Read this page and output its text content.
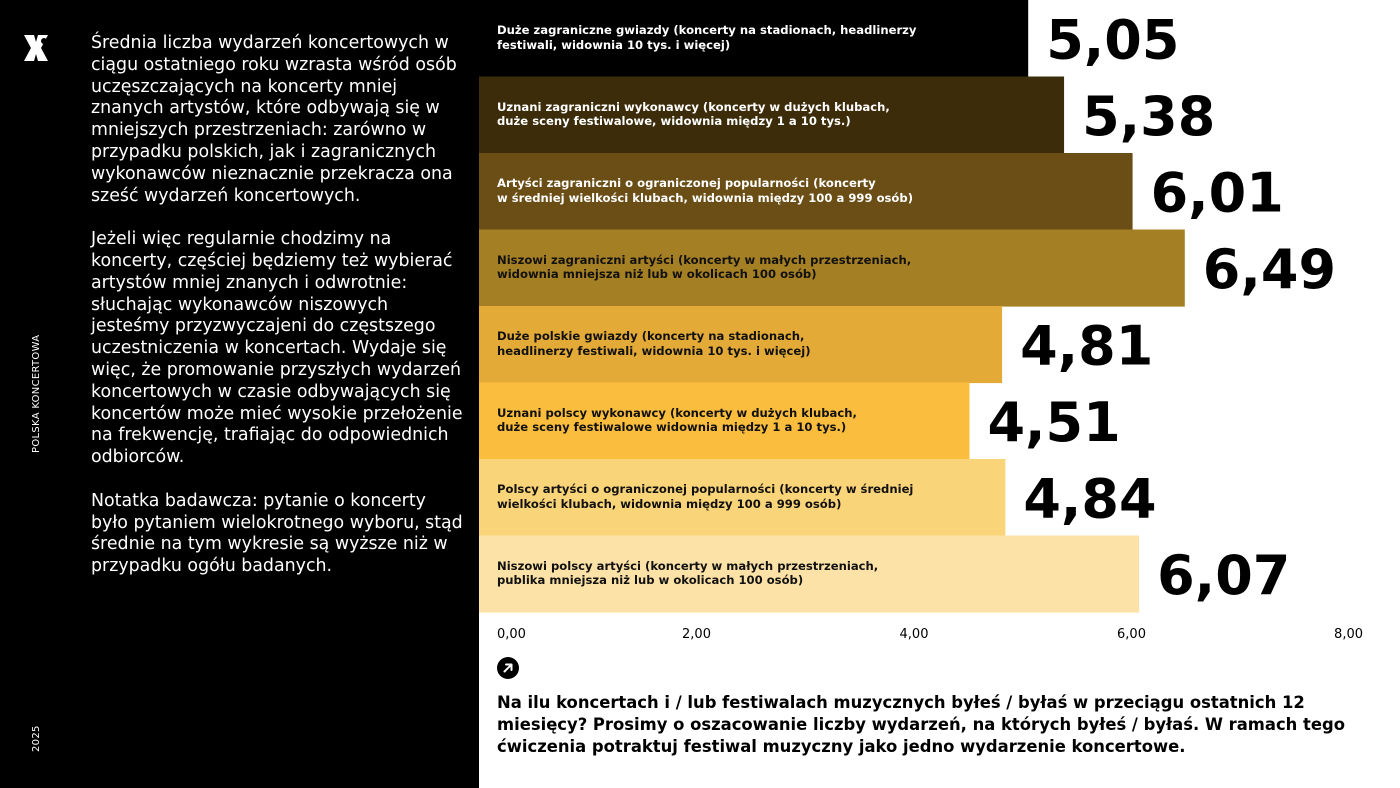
POLSKA KONCERTOWA
2025

Średnia liczba wydarzeń koncertowych w ciągu ostatniego roku wzrasta wśród osób uczęszczających na koncerty mniej znanych artystów, które odbywają się w mniejszych przestrzeniach: zarówno w przypadku polskich, jak i zagranicznych wykonawców nieznacznie przekracza ona sześć wydarzeń koncertowych.

Jeżeli więc regularnie chodzimy na koncerty, częściej będziemy też wybierać artystów mniej znanych i odwrotnie: słuchając wykonawców niszowych jesteśmy przyzwyczajeni do częstszego uczestniczenia w koncertach. Wydaje się więc, że promowanie przyszłych wydarzeń koncertowych w czasie odbywających się koncertów może mieć wysokie przełożenie na frekwencję, trafiając do odpowiednich odbiorców.

Notatka badawcza: pytanie o koncerty było pytaniem wielokrotnego wyboru, stąd średnie na tym wykresie są wyższe niż w przypadku ogółu badanych.

5,05
5,38
6,01
6,49
4,81
4,51
4,84
6,07
0,00	2,00	4,00	6,00	8,00
Duże zagraniczne gwiazdy (koncerty na stadionach, headlinerzy
festiwali, widownia 10 tys. i więcej)
Uznani zagraniczni wykonawcy (koncerty w dużych klubach,
duże sceny festiwalowe, widownia między 1 a 10 tys.)
Artyści zagraniczni o ograniczonej popularności (koncerty
w średniej wielkości klubach, widownia między 100 a 999 osób)
Niszowi zagraniczni artyści (koncerty w małych przestrzeniach,
widownia mniejsza niż lub w okolicach 100 osób)
Duże polskie gwiazdy (koncerty na stadionach,
headlinerzy festiwali, widownia 10 tys. i więcej)
Uznani polscy wykonawcy (koncerty w dużych klubach,
duże sceny festiwalowe widownia między 1 a 10 tys.)
Polscy artyści o ograniczonej popularności (koncerty w średniej
wielkości klubach, widownia między 100 a 999 osób)
Niszowi polscy artyści (koncerty w małych przestrzeniach,
publika mniejsza niż lub w okolicach 100 osób)
Na ilu koncertach i / lub festiwalach muzycznych byłeś / byłaś w przeciągu ostatnich 12 miesięcy? Prosimy o oszacowanie liczby wydarzeń, na których byłeś / byłaś. W ramach tego ćwiczenia potraktuj festiwal muzyczny jako jedno wydarzenie koncertowe.
